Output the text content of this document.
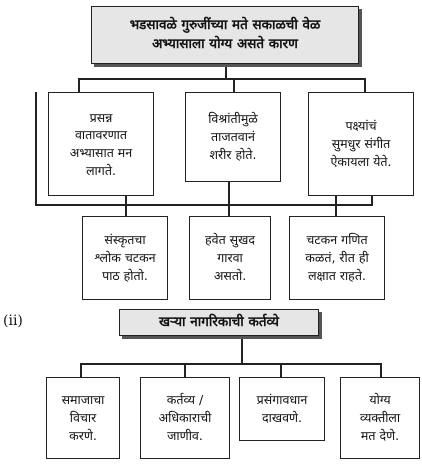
भडसावळे गुरुजींच्या मते सकाळची वेळ
अभ्यासाला योग्य असते कारण
प्रसन्न
वातावरणात
अभ्यासात मन
लागते.
विश्रांतीमुळे
ताजतवानं
शरीर होते.
पक्ष्यांचं
सुमधुर संगीत
ऐकायला येते.
संस्कृतचा
श्लोक चटकन
पाठ होतो.
हवेत सुखद
गारवा
असतो.
चटकन गणित
कळतं, रीत ही
लक्षात राहते.
(ii)	खऱ्या नागरिकाची कर्तव्ये
समाजाचा
विचार
करणे.
कर्तव्य /
अधिकाराची
जाणीव.
प्रसंगावधान
दाखवणे.
योग्य
व्यक्तीला
मत देणे.
